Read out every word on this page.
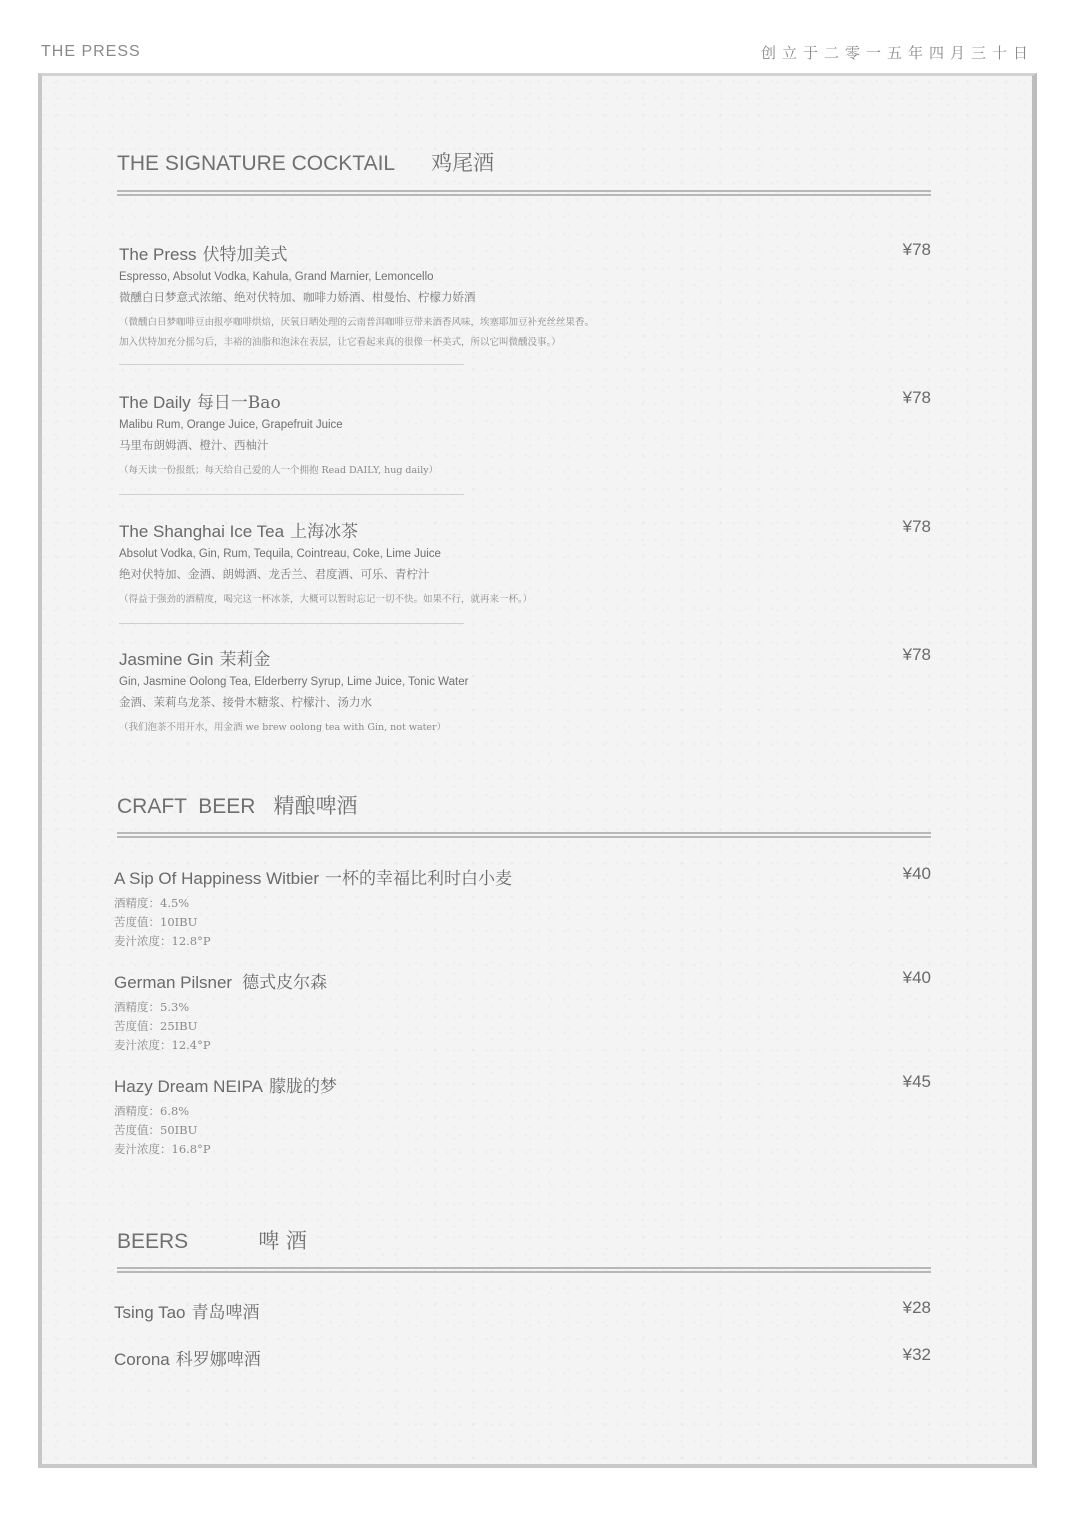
THE PRESS	创立于二零一五年四月三十日
THE SIGNATURE COCKTAIL 鸡尾酒
The Press 伏特加美式	¥78
Espresso, Absolut Vodka, Kahula, Grand Marnier, Lemoncello
微醺白日梦意式浓缩、绝对伏特加、咖啡力娇酒、柑曼怡、柠檬力娇酒
（微醺白日梦咖啡豆由报亭咖啡烘焙，厌氧日晒处理的云南普洱咖啡豆带来酒香风味，埃塞耶加豆补充丝丝果香。
加入伏特加充分摇匀后，丰裕的油脂和泡沫在表层，让它看起来真的很像一杯美式，所以它叫微醺没事。）
The Daily 每日一Bao	¥78
Malibu Rum, Orange Juice, Grapefruit Juice
马里布朗姆酒、橙汁、西柚汁
（每天读一份报纸；每天给自己爱的人一个拥抱 Read DAILY, hug daily）
The Shanghai Ice Tea 上海冰茶	¥78
Absolut Vodka, Gin, Rum, Tequila, Cointreau, Coke, Lime Juice
绝对伏特加、金酒、朗姆酒、龙舌兰、君度酒、可乐、青柠汁
（得益于强劲的酒精度，喝完这一杯冰茶，大概可以暂时忘记一切不快。如果不行，就再来一杯。）
Jasmine Gin 茉莉金	¥78
Gin, Jasmine Oolong Tea, Elderberry Syrup, Lime Juice, Tonic Water
金酒、茉莉乌龙茶、接骨木糖浆、柠檬汁、汤力水
（我们泡茶不用开水，用金酒 we brew oolong tea with Gin, not water）
CRAFT  BEER 精酿啤酒
A Sip Of Happiness Witbier 一杯的幸福比利时白小麦	¥40
酒精度：4.5%
苦度值：10IBU
麦汁浓度：12.8°P
German Pilsner 德式皮尔森	¥40
酒精度：5.3%
苦度值：25IBU
麦汁浓度：12.4°P
Hazy Dream NEIPA 朦胧的梦	¥45
酒精度：6.8%
苦度值：50IBU
麦汁浓度：16.8°P
BEERS	啤 酒
Tsing Tao 青岛啤酒	¥28
Corona 科罗娜啤酒	¥32
